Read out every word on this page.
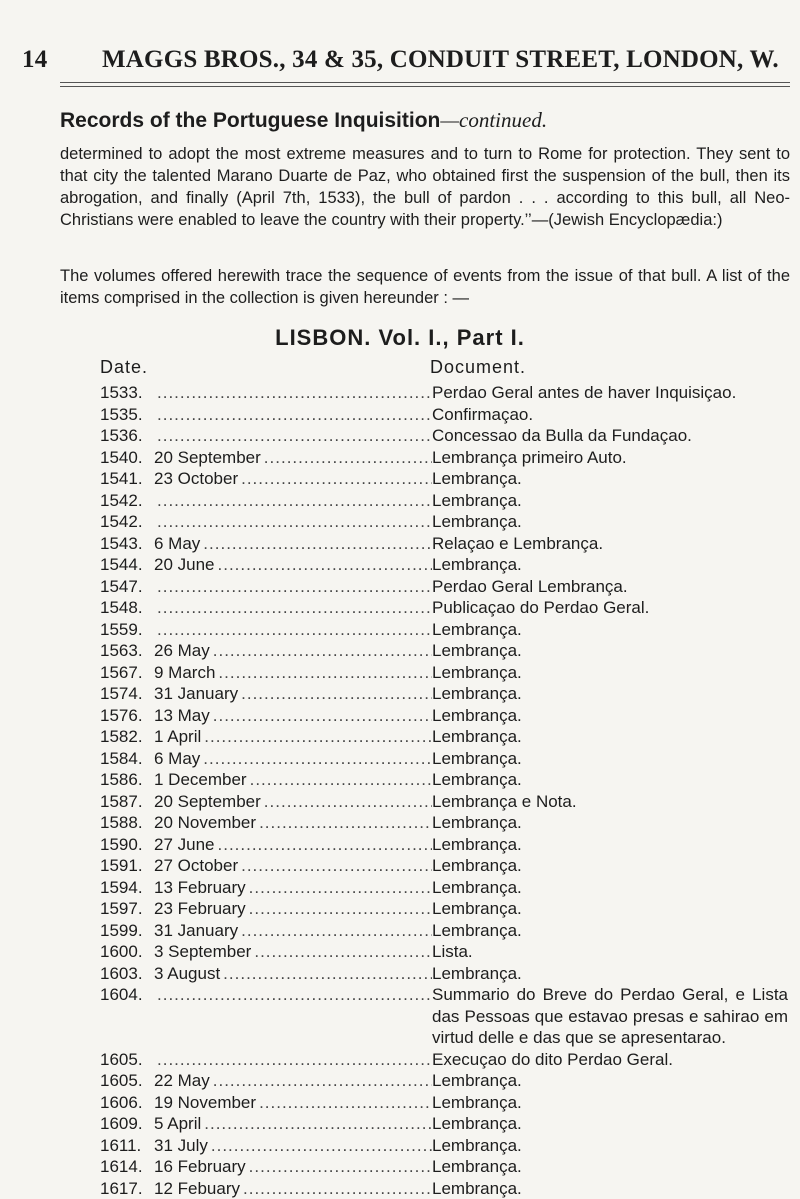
14 MAGGS BROS., 34 & 35, CONDUIT STREET, LONDON, W.
Records of the Portuguese Inquisition—continued.
determined to adopt the most extreme measures and to turn to Rome for protection. They sent to that city the talented Marano Duarte de Paz, who obtained first the suspension of the bull, then its abrogation, and finally (April 7th, 1533), the bull of pardon . . . according to this bull, all Neo-Christians were enabled to leave the country with their property.’’—(Jewish Encyclopædia:)
The volumes offered herewith trace the sequence of events from the issue of that bull. A list of the items comprised in the collection is given hereunder : —
LISBON. Vol. I., Part I.
Date.	Document.
1533. .....	Perdao Geral antes de haver Inquisiçao.
1535. .....	Confirmaçao.
1536. .....	Concessao da Bulla da Fundaçao.
1540. 20 September .....	Lembrança primeiro Auto.
1541. 23 October .....	Lembrança.
1542. .....	Lembrança.
1542. .....	Lembrança.
1543. 6 May .....	Relaçao e Lembrança.
1544. 20 June .....	Lembrança.
1547. .....	Perdao Geral Lembrança.
1548. .....	Publicaçao do Perdao Geral.
1559. .....	Lembrança.
1563. 26 May .....	Lembrança.
1567. 9 March .....	Lembrança.
1574. 31 January .....	Lembrança.
1576. 13 May .....	Lembrança.
1582. 1 April .....	Lembrança.
1584. 6 May .....	Lembrança.
1586. 1 December .....	Lembrança.
1587. 20 September .....	Lembrança e Nota.
1588. 20 November .....	Lembrança.
1590. 27 June .....	Lembrança.
1591. 27 October .....	Lembrança.
1594. 13 February .....	Lembrança.
1597. 23 February .....	Lembrança.
1599. 31 January .....	Lembrança.
1600. 3 September .....	Lista.
1603. 3 August .....	Lembrança.
1604. .....	Summario do Breve do Perdao Geral, e Lista das Pessoas que estavao presas e sahirao em virtud delle e das que se apresentarao.
1605. .....	Execuçao do dito Perdao Geral.
1605. 22 May .....	Lembrança.
1606. 19 November .....	Lembrança.
1609. 5 April .....	Lembrança.
1611. 31 July .....	Lembrança.
1614. 16 February .....	Lembrança.
1617. 12 Febuary .....	Lembrança.
